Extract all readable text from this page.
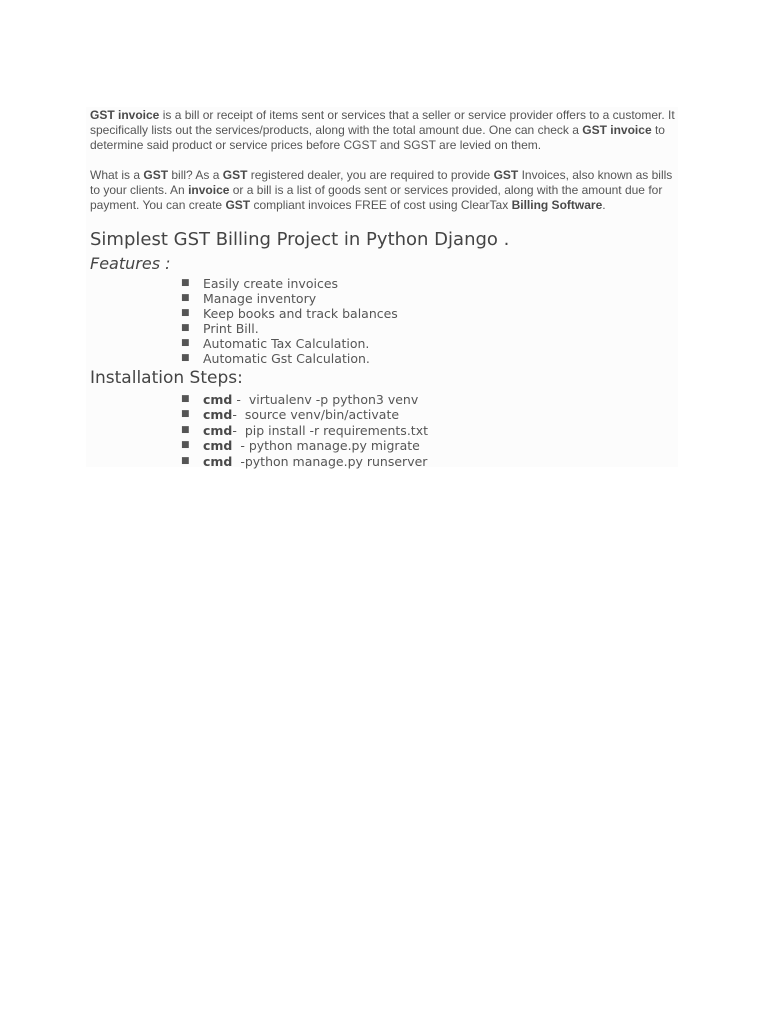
GST invoice is a bill or receipt of items sent or services that a seller or service provider offers to a customer. It specifically lists out the services/products, along with the total amount due. One can check a GST invoice to determine said product or service prices before CGST and SGST are levied on them.

What is a GST bill? As a GST registered dealer, you are required to provide GST Invoices, also known as bills to your clients. An invoice or a bill is a list of goods sent or services provided, along with the amount due for payment. You can create GST compliant invoices FREE of cost using ClearTax Billing Software.

Simplest GST Billing Project in Python Django .
Features :
■ Easily create invoices
■ Manage inventory
■ Keep books and track balances
■ Print Bill.
■ Automatic Tax Calculation.
■ Automatic Gst Calculation.
Installation Steps:
■ cmd -  virtualenv -p python3 venv
■ cmd-  source venv/bin/activate
■ cmd-  pip install -r requirements.txt
■ cmd  - python manage.py migrate
■ cmd  -python manage.py runserver
